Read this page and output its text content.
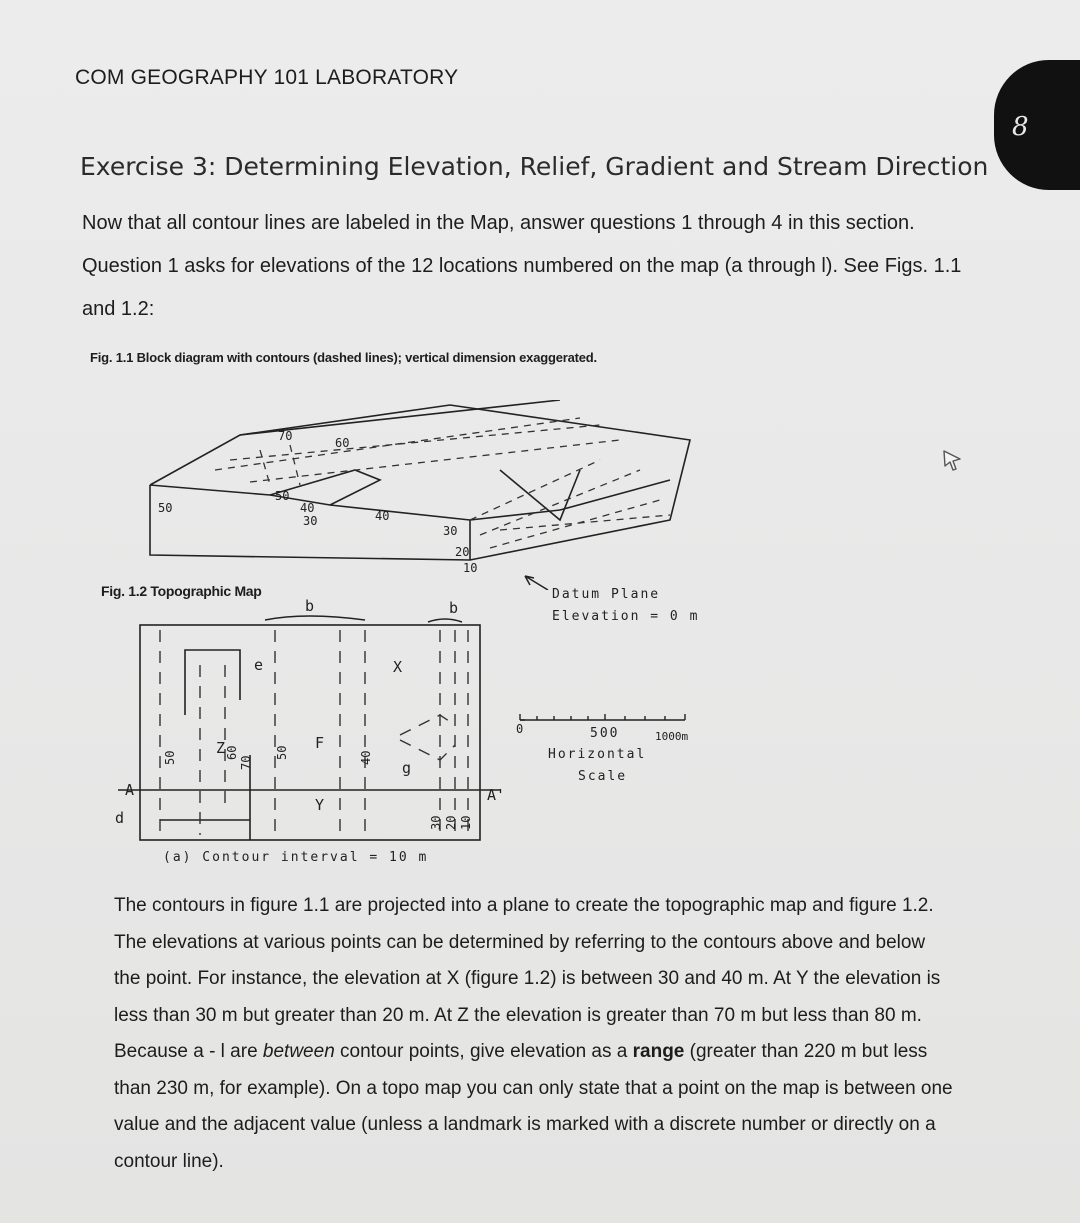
COM GEOGRAPHY 101 LABORATORY
8
Exercise 3: Determining Elevation, Relief, Gradient and Stream Direction
Now that all contour lines are labeled in the Map, answer questions 1 through 4 in this section. Question 1 asks for elevations of the 12 locations numbered on the map (a through l). See Figs. 1.1 and 1.2:
Fig. 1.1 Block diagram with contours (dashed lines); vertical dimension exaggerated.
70	60
50
50
40
30	40
30
20
10
Datum Plane
Elevation = 0 m
Fig. 1.2 Topographic Map
b	b
e	X
F
Y
Z
g
A	A'
d
50	60
70
50	40
30 20 10
0	500	1000m
Horizontal
Scale
(a) Contour interval = 10 m

The contours in figure 1.1 are projected into a plane to create the topographic map and figure 1.2. The elevations at various points can be determined by referring to the contours above and below the point. For instance, the elevation at X (figure 1.2) is between 30 and 40 m. At Y the elevation is less than 30 m but greater than 20 m. At Z the elevation is greater than 70 m but less than 80 m.

Because a - l are between contour points, give elevation as a range (greater than 220 m but less than 230 m, for example). On a topo map you can only state that a point on the map is between one value and the adjacent value (unless a landmark is marked with a discrete number or directly on a contour line).
